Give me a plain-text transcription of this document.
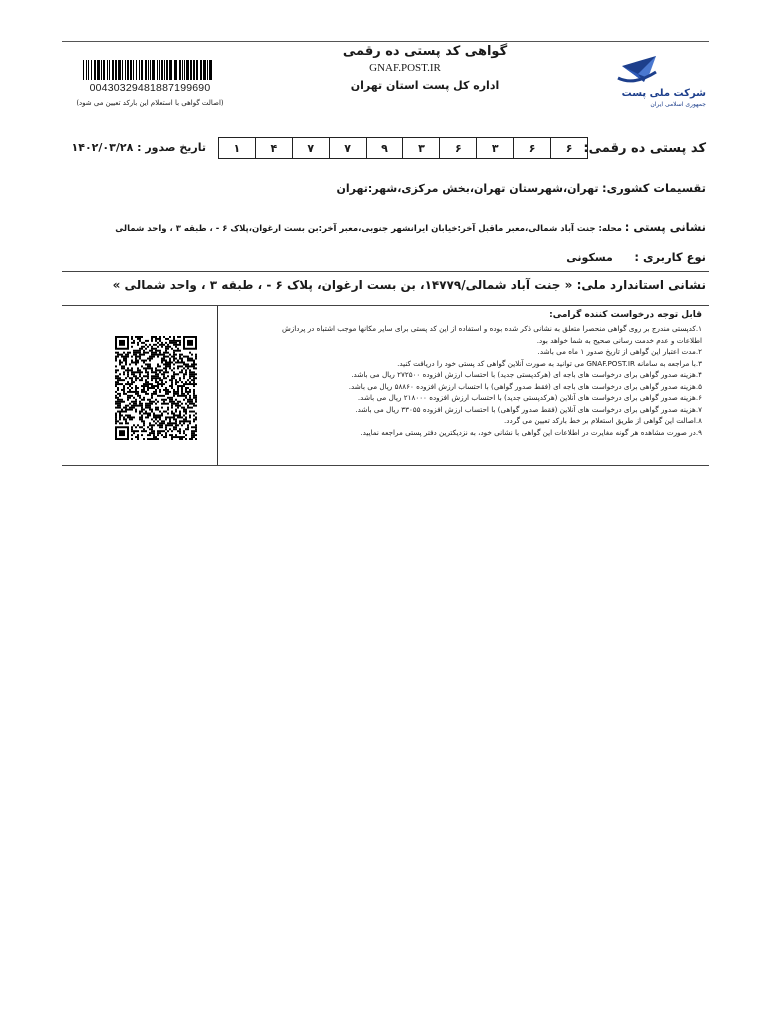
شرکت ملی پست
جمهوری اسلامی ایران
گواهی کد پستی ده رقمی
GNAF.POST.IR
اداره کل پست استان تهران
00430329481887199690
(اصالت گواهی با استعلام این بارکد تعیین می شود)
کد پستی ده رقمی:
۶
۶
۳
۶
۳
۹
۷
۷
۴
۱
تاریخ صدور : ۱۴۰۲/۰۳/۲۸
تقسیمات کشوری: تهران،شهرستان تهران،بخش مرکزی،شهر:تهران
نشانی پستی : محله: جنت آباد شمالی،معبر ماقبل آخر:خیابان ایرانشهر جنوبی،معبر آخر:بن بست ارغوان،پلاک ۶ - ، طبقه ۳ ، واحد شمالی
نوع کاربری : مسکونی
نشانی استاندارد ملی: « جنت آباد شمالی/۱۴۷۷۹، بن بست ارغوان، پلاک ۶ - ، طبقه ۳ ، واحد شمالی »
قابل توجه درخواست کننده گرامی:
۱.کدپستی مندرج بر روی گواهی منحصرا متعلق به نشانی ذکر شده بوده و استفاده از این کد پستی برای سایر مکانها موجب اشتباه در پردازش
اطلاعات و عدم خدمت رسانی صحیح به شما خواهد بود.
۲.مدت اعتبار این گواهی از تاریخ صدور ۱ ماه می باشد.
۳.با مراجعه به سامانه GNAF.POST.IR می توانید به صورت آنلاین گواهی کد پستی خود را دریافت کنید.
۴.هزینه صدور گواهی برای درخواست های باجه ای (هرکدپستی جدید) با احتساب ارزش افزوده ۲۷۲۵۰۰ ریال می باشد.
۵.هزینه صدور گواهی برای درخواست های باجه ای (فقط صدور گواهی) با احتساب ارزش افزوده ۵۸۸۶۰ ریال می باشد.
۶.هزینه صدور گواهی برای درخواست های آنلاین (هرکدپستی جدید) با احتساب ارزش افزوده ۲۱۸۰۰۰ ریال می باشد.
۷.هزینه صدور گواهی برای درخواست های آنلاین (فقط صدور گواهی) با احتساب ارزش افزوده ۳۳۰۵۵ ریال می باشد.
۸.اصالت این گواهی از طریق استعلام بر خط بارکد تعیین می گردد.
۹.در صورت مشاهده هر گونه مغایرت در اطلاعات این گواهی با نشانی خود، به نزدیکترین دفتر پستی مراجعه نمایید.
